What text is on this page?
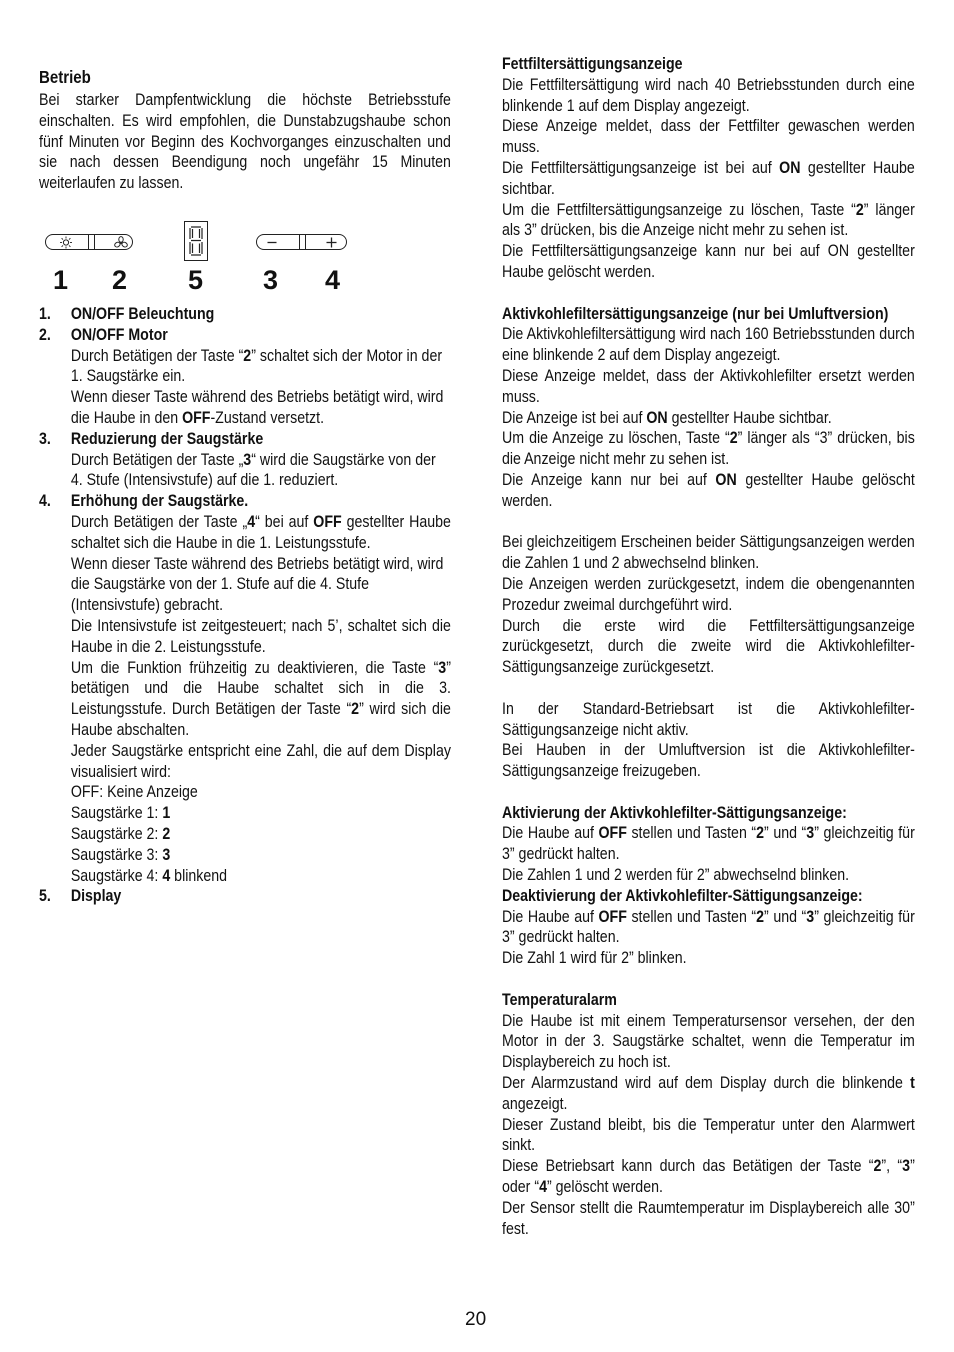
Betrieb

Bei starker Dampfentwicklung die höchste Betriebsstufe einschalten. Es wird empfohlen, die Dunstabzugshaube schon fünf Minuten vor Beginn des Kochvorganges einzuschalten und sie nach dessen Beendigung noch ungefähr 15 Minuten weiterlaufen zu lassen.

1 2 5 3 4
1. ON/OFF Beleuchtung
2. ON/OFF Motor

Durch Betätigen der Taste “2” schaltet sich der Motor in der 1. Saugstärke ein.

Wenn dieser Taste während des Betriebs betätigt wird, wird die Haube in den OFF-Zustand versetzt.

3. Reduzierung der Saugstärke

Durch Betätigen der Taste „3“ wird die Saugstärke von der 4. Stufe (Intensivstufe) auf die 1. reduziert.

4. Erhöhung der Saugstärke.

Durch Betätigen der Taste „4“ bei auf OFF gestellter Haube schaltet sich die Haube in die 1. Leistungsstufe.

Wenn dieser Taste während des Betriebs betätigt wird, wird die Saugstärke von der 1. Stufe auf die 4. Stufe (Intensivstufe) gebracht.

Die Intensivstufe ist zeitgesteuert; nach 5’, schaltet sich die Haube in die 2. Leistungsstufe.

Um die Funktion frühzeitig zu deaktivieren, die Taste “3” betätigen und die Haube schaltet sich in die 3. Leistungsstufe. Durch Betätigen der Taste “2” wird sich die Haube abschalten.

Jeder Saugstärke entspricht eine Zahl, die auf dem Display visualisiert wird:

OFF: Keine Anzeige

Saugstärke 1: 1

Saugstärke 2: 2

Saugstärke 3: 3

Saugstärke 4: 4 blinkend

5. Display
Fettfiltersättigungsanzeige

Die Fettfiltersättigung wird nach 40 Betriebsstunden durch eine blinkende 1 auf dem Display angezeigt.

Diese Anzeige meldet, dass der Fettfilter gewaschen werden muss.

Die Fettfiltersättigungsanzeige ist bei auf ON gestellter Haube sichtbar.

Um die Fettfiltersättigungsanzeige zu löschen, Taste “2” länger als 3” drücken, bis die Anzeige nicht mehr zu sehen ist.

Die Fettfiltersättigungsanzeige kann nur bei auf ON gestellter Haube gelöscht werden.

Aktivkohlefiltersättigungsanzeige (nur bei Umluftversion)

Die Aktivkohlefiltersättigung wird nach 160 Betriebsstunden durch eine blinkende 2 auf dem Display angezeigt.

Diese Anzeige meldet, dass der Aktivkohlefilter ersetzt werden muss.

Die Anzeige ist bei auf ON gestellter Haube sichtbar.

Um die Anzeige zu löschen, Taste “2” länger als “3” drücken, bis die Anzeige nicht mehr zu sehen ist.

Die Anzeige kann nur bei auf ON gestellter Haube gelöscht werden.

Bei gleichzeitigem Erscheinen beider Sättigungsanzeigen werden die Zahlen 1 und 2 abwechselnd blinken.

Die Anzeigen werden zurückgesetzt, indem die obengenannten Prozedur zweimal durchgeführt wird.

Durch die erste wird die Fettfiltersättigungsanzeige zurückgesetzt, durch die zweite wird die Aktivkohlefilter-Sättigungsanzeige zurückgesetzt.

In der Standard-Betriebsart ist die Aktivkohlefilter-Sättigungsanzeige nicht aktiv.

Bei Hauben in der Umluftversion ist die Aktivkohlefilter-Sättigungsanzeige freizugeben.

Aktivierung der Aktivkohlefilter-Sättigungsanzeige:

Die Haube auf OFF stellen und Tasten “2” und “3” gleichzeitig für 3” gedrückt halten.

Die Zahlen 1 und 2 werden für 2” abwechselnd blinken.

Deaktivierung der Aktivkohlefilter-Sättigungsanzeige:

Die Haube auf OFF stellen und Tasten “2” und “3” gleichzeitig für 3” gedrückt halten.

Die Zahl 1 wird für 2” blinken.

Temperaturalarm

Die Haube ist mit einem Temperatursensor versehen, der den Motor in der 3. Saugstärke schaltet, wenn die Temperatur im Displaybereich zu hoch ist.

Der Alarmzustand wird auf dem Display durch die blinkende t angezeigt.

Dieser Zustand bleibt, bis die Temperatur unter den Alarmwert sinkt.

Diese Betriebsart kann durch das Betätigen der Taste “2”, “3” oder “4” gelöscht werden.

Der Sensor stellt die Raumtemperatur im Displaybereich alle 30” fest.

20
